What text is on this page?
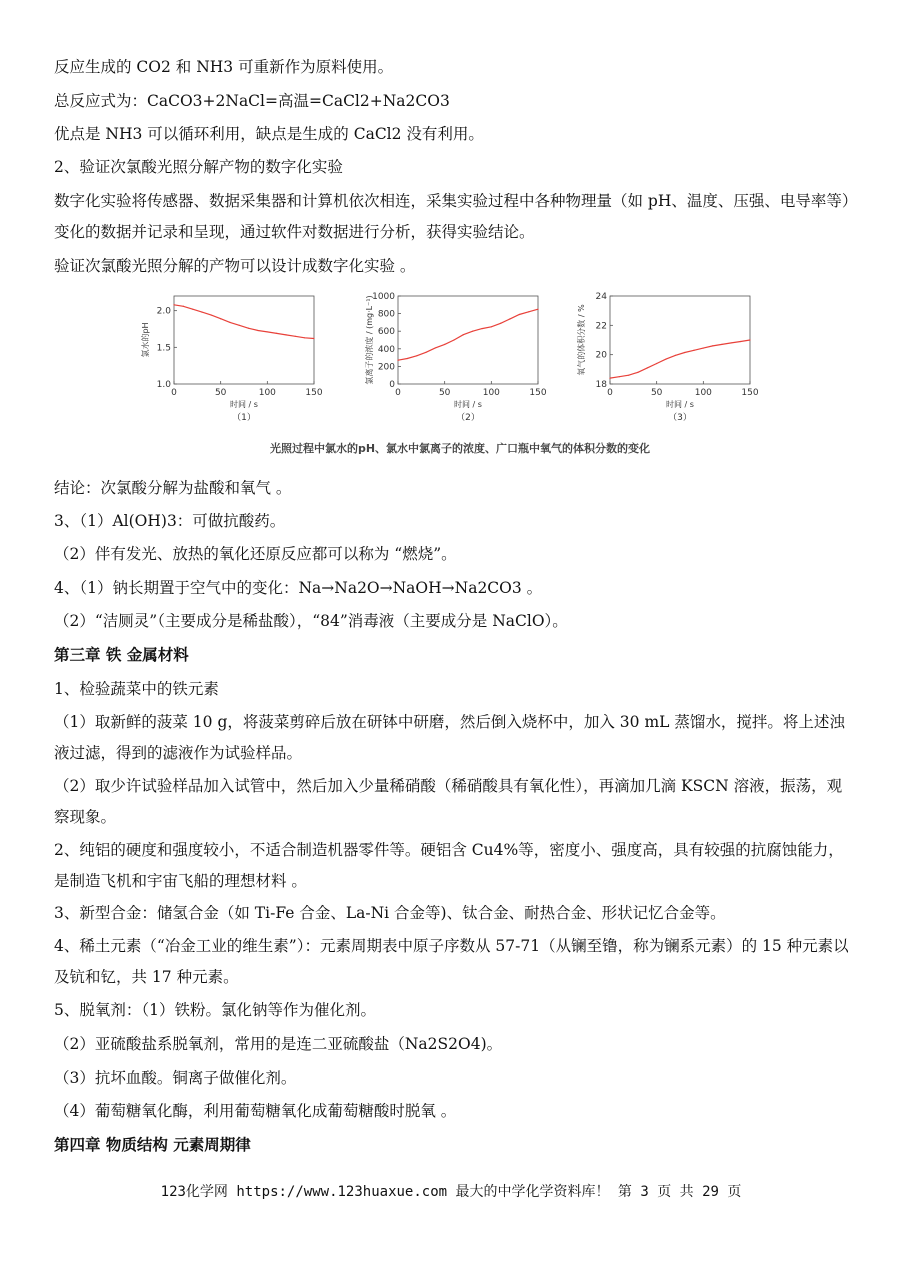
反应生成的 CO2 和 NH3 可重新作为原料使用。
总反应式为：CaCO3+2NaCl=高温=CaCl2+Na2CO3
优点是 NH3 可以循环利用，缺点是生成的 CaCl2 没有利用。
2、验证次氯酸光照分解产物的数字化实验
数字化实验将传感器、数据采集器和计算机依次相连，采集实验过程中各种物理量（如 pH、温度、压强、电导率等）变化的数据并记录和呈现，通过软件对数据进行分析，获得实验结论。
验证次氯酸光照分解的产物可以设计成数字化实验 。
0	50	100	150
1.0
1.5
2.0
时间 / s
氯水的pH
（1）
0	50	100	150
0
200
400
600
800
1000
时间 / s
氯离子的浓度 / (mg·L⁻¹)
（2）
0	50	100	150
18
20
22
24
时间 / s
氧气的体积分数 / %
（3）
光照过程中氯水的pH、氯水中氯离子的浓度、广口瓶中氧气的体积分数的变化
结论：次氯酸分解为盐酸和氧气 。
3、（1）Al(OH)3：可做抗酸药。
（2）伴有发光、放热的氧化还原反应都可以称为 “燃烧”。
4、（1）钠长期置于空气中的变化：Na→Na2O→NaOH→Na2CO3 。
（2）“洁厕灵”（主要成分是稀盐酸），“84”消毒液（主要成分是 NaClO）。
第三章 铁 金属材料
1、检验蔬菜中的铁元素
（1）取新鲜的菠菜 10 g，将菠菜剪碎后放在研钵中研磨，然后倒入烧杯中，加入 30 mL 蒸馏水，搅拌。将上述浊液过滤，得到的滤液作为试验样品。
（2）取少许试验样品加入试管中，然后加入少量稀硝酸（稀硝酸具有氧化性），再滴加几滴 KSCN 溶液，振荡，观察现象。
2、纯铝的硬度和强度较小，不适合制造机器零件等。硬铝含 Cu4%等，密度小、强度高，具有较强的抗腐蚀能力，是制造飞机和宇宙飞船的理想材料 。
3、新型合金：储氢合金（如 Ti-Fe 合金、La-Ni 合金等)、钛合金、耐热合金、形状记忆合金等。
4、稀土元素（“冶金工业的维生素”）：元素周期表中原子序数从 57-71（从镧至镥，称为镧系元素）的 15 种元素以及钪和钇，共 17 种元素。
5、脱氧剂：（1）铁粉。氯化钠等作为催化剂。
（2）亚硫酸盐系脱氧剂，常用的是连二亚硫酸盐（Na2S2O4)。
（3）抗坏血酸。铜离子做催化剂。
（4）葡萄糖氧化酶，利用葡萄糖氧化成葡萄糖酸时脱氧 。
第四章 物质结构 元素周期律
123化学网 https://www.123huaxue.com 最大的中学化学资料库！ 第 3 页 共 29 页
